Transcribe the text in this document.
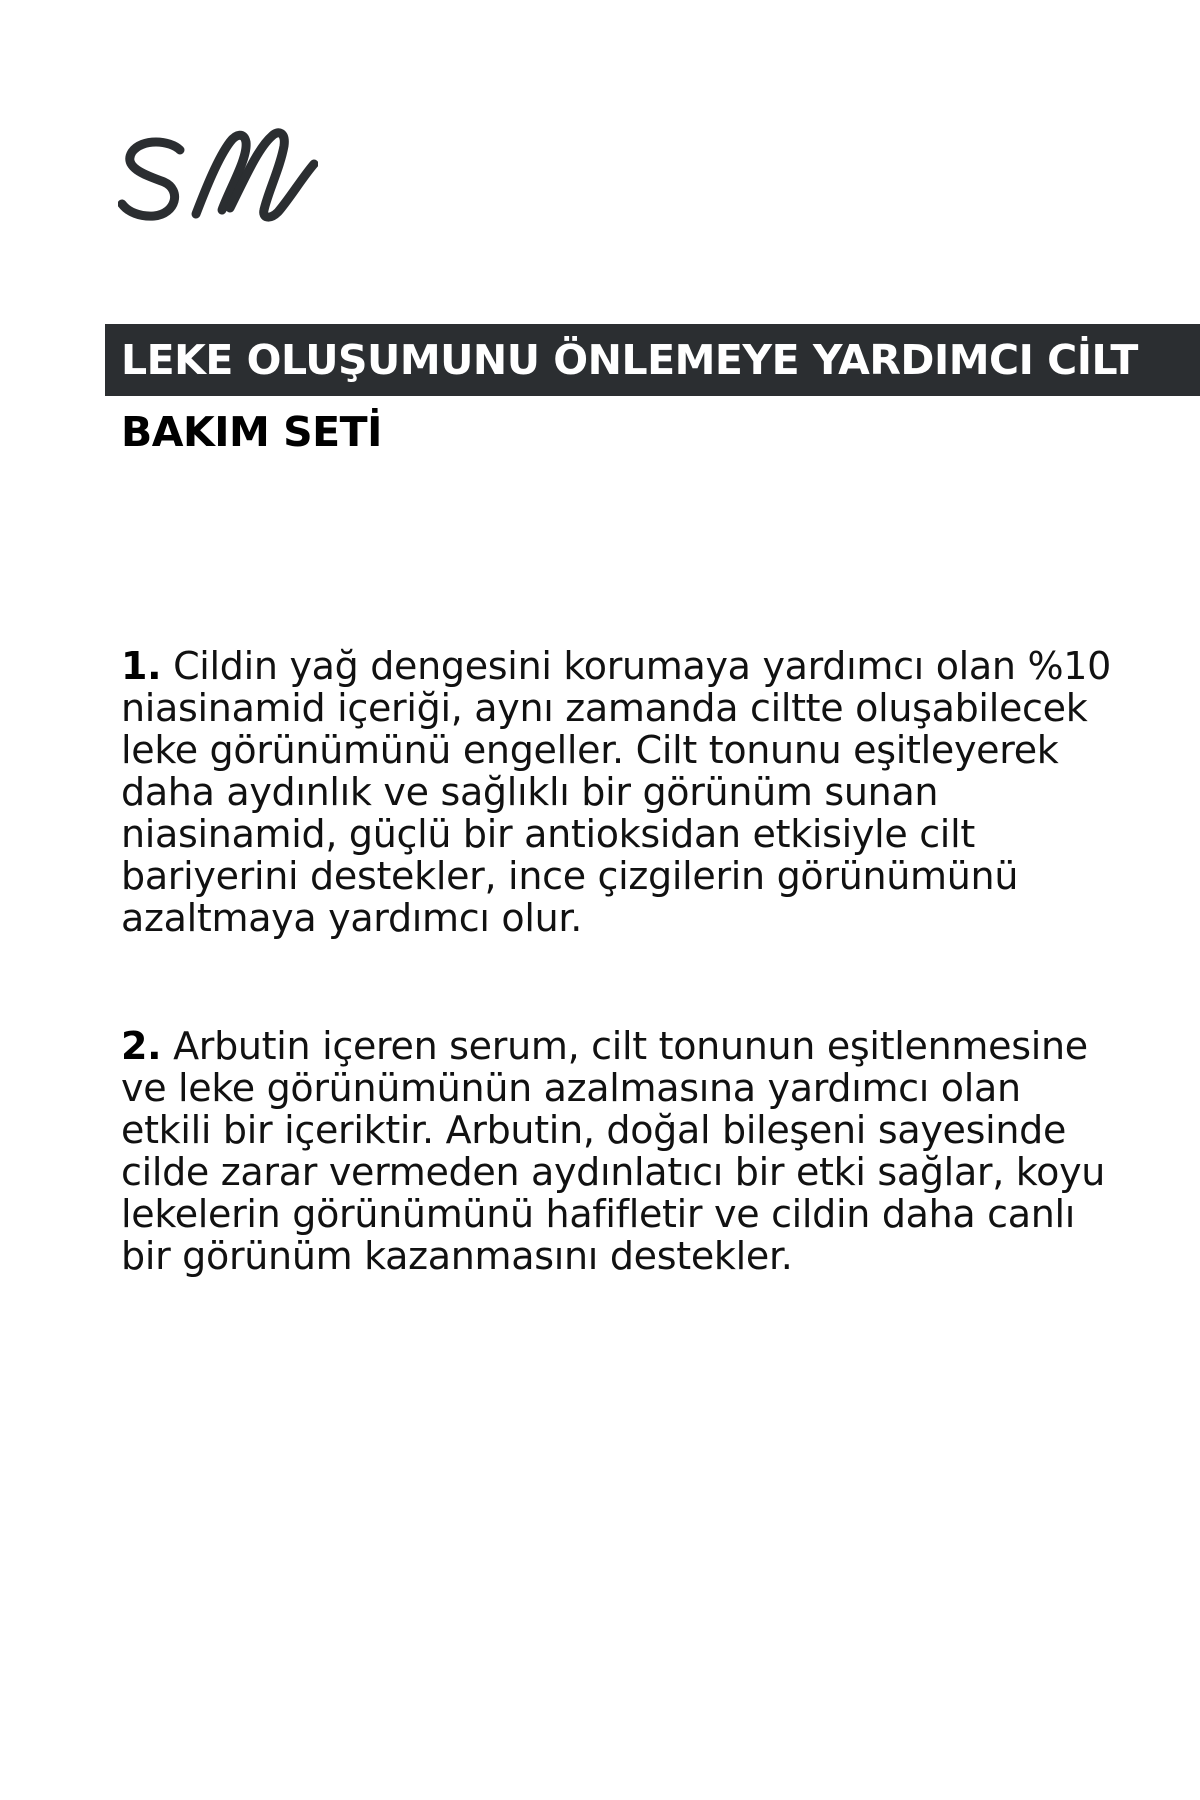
LEKE OLUŞUMUNU ÖNLEMEYE YARDIMCI CİLT
BAKIM SETİ
1. Cildin yağ dengesini korumaya yardımcı olan %10 niasinamid içeriği, aynı zamanda ciltte oluşabilecek leke görünümünü engeller. Cilt tonunu eşitleyerek daha aydınlık ve sağlıklı bir görünüm sunan niasinamid, güçlü bir antioksidan etkisiyle cilt bariyerini destekler, ince çizgilerin görünümünü azaltmaya yardımcı olur.
2. Arbutin içeren serum, cilt tonunun eşitlenmesine ve leke görünümünün azalmasına yardımcı olan etkili bir içeriktir. Arbutin, doğal bileşeni sayesinde cilde zarar vermeden aydınlatıcı bir etki sağlar, koyu lekelerin görünümünü hafifletir ve cildin daha canlı bir görünüm kazanmasını destekler.
